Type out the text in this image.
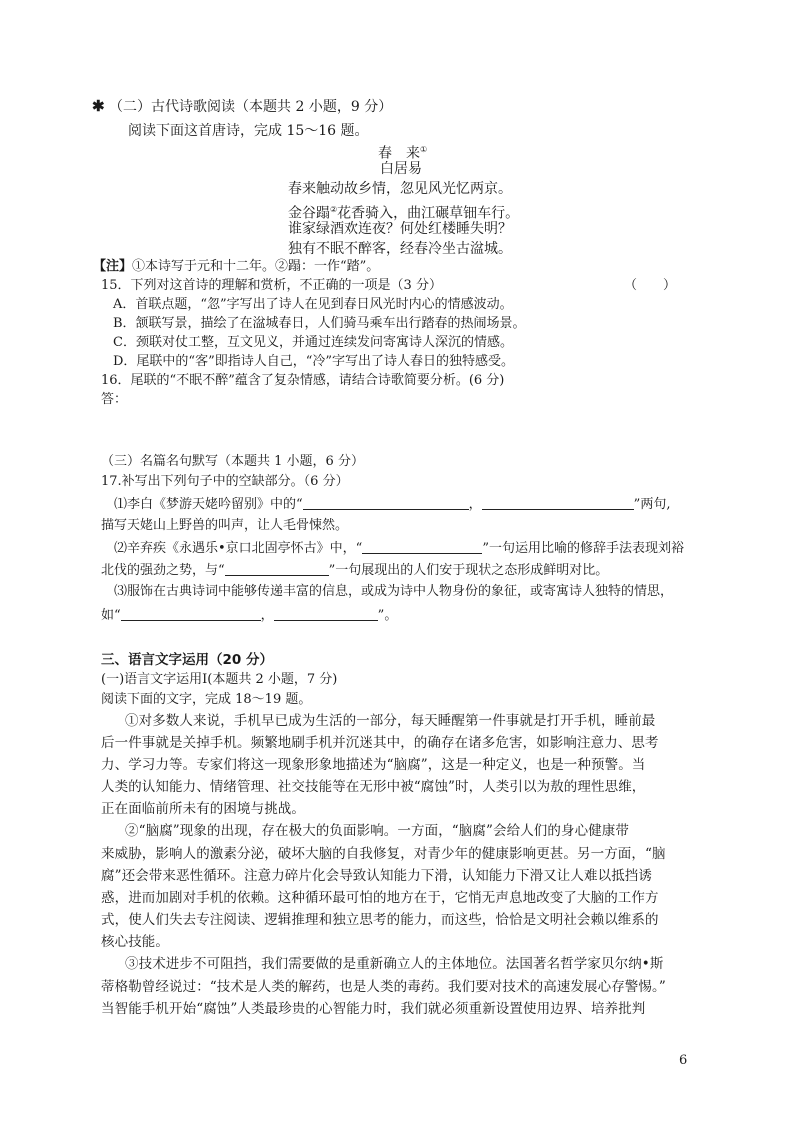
✱ （二）古代诗歌阅读（本题共 2 小题，9 分）
阅读下面这首唐诗，完成 15～16 题。
春　来①
白居易
春来触动故乡情，忽见风光忆两京。
金谷蹋②花香骑入，曲江碾草钿车行。
谁家绿酒欢连夜？何处红楼睡失明？
独有不眠不醉客，经春冷坐古湓城。
【注】①本诗写于元和十二年。②蹋：一作“踏”。
15．下列对这首诗的理解和赏析，不正确的一项是（3 分）	（　　）
A．首联点题，“忽”字写出了诗人在见到春日风光时内心的情感波动。
B．颔联写景，描绘了在湓城春日，人们骑马乘车出行踏春的热闹场景。
C．颈联对仗工整，互文见义，并通过连续发问寄寓诗人深沉的情感。
D．尾联中的“客”即指诗人自己，“冷”字写出了诗人春日的独特感受。
16．尾联的“不眠不醉”蕴含了复杂情感，请结合诗歌简要分析。(6 分)
答：
（三）名篇名句默写（本题共 1 小题，6 分）
17.补写出下列句子中的空缺部分。（6 分）
⑴李白《梦游天姥吟留别》中的“	，	”两句,
描写天姥山上野兽的叫声，让人毛骨悚然。
⑵辛弃疾《永遇乐•京口北固亭怀古》中，“	”一句运用比喻的修辞手法表现刘裕
北伐的强劲之势，与“	”一句展现出的人们安于现状之态形成鲜明对比。
⑶服饰在古典诗词中能够传递丰富的信息，或成为诗中人物身份的象征，或寄寓诗人独特的情思，
如“	，	”。
三、语言文字运用（20 分）
(一)语言文字运用Ⅰ(本题共 2 小题，7 分)
阅读下面的文字，完成 18～19 题。
①对多数人来说，手机早已成为生活的一部分，每天睡醒第一件事就是打开手机，睡前最
后一件事就是关掉手机。频繁地刷手机并沉迷其中，的确存在诸多危害，如影响注意力、思考
力、学习力等。专家们将这一现象形象地描述为“脑腐”，这是一种定义，也是一种预警。当
人类的认知能力、情绪管理、社交技能等在无形中被“腐蚀”时，人类引以为敖的理性思维，
正在面临前所未有的困境与挑战。
②“脑腐”现象的出现，存在极大的负面影响。一方面，“脑腐”会给人们的身心健康带
来威胁，影响人的激素分泌，破坏大脑的自我修复，对青少年的健康影响更甚。另一方面，“脑
腐”还会带来恶性循环。注意力碎片化会导致认知能力下滑，认知能力下滑又让人难以抵挡诱
惑，进而加剧对手机的依赖。这种循环最可怕的地方在于，它悄无声息地改变了大脑的工作方
式，使人们失去专注阅读、逻辑推理和独立思考的能力，而这些，恰恰是文明社会赖以维系的
核心技能。
③技术进步不可阻挡，我们需要做的是重新确立人的主体地位。法国著名哲学家贝尔纳•斯
蒂格勒曾经说过：“技术是人类的解药，也是人类的毒药。我们要对技术的高速发展心存警惕。”
当智能手机开始“腐蚀”人类最珍贵的心智能力时，我们就必须重新设置使用边界、培养批判
6
